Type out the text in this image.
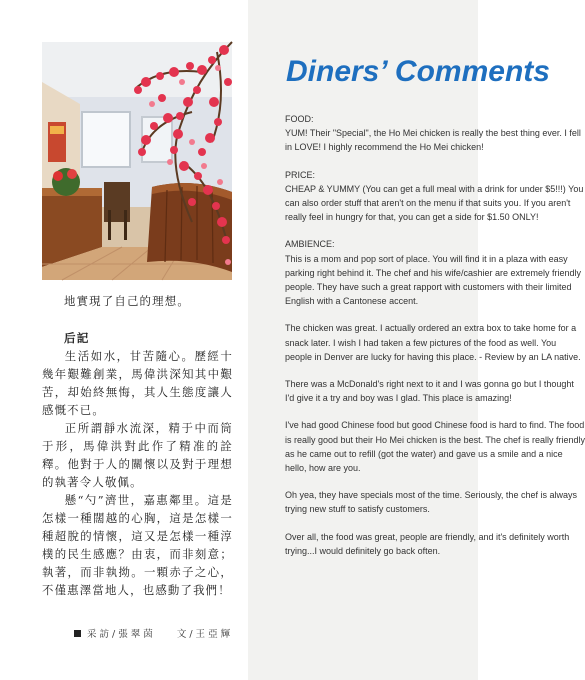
地實現了自己的理想。

后記

生活如水，甘苦隨心。歷經十幾年艱難創業，馬偉洪深知其中艱苦，却始終無悔，其人生態度讓人感慨不已。

正所謂靜水流深，精于中而筒于形，馬偉洪對此作了精准的詮釋。他對于人的關懷以及對于理想的執著令人敬佩。

懸“勺”濟世，嘉惠鄰里。這是怎樣一種闊越的心胸，這是怎樣一種超脫的情懷，這又是怎樣一種淳樸的民生感應？由衷，而非刻意；執著，而非執拗。一顆赤子之心，不僅惠澤當地人，也感動了我們！

采 訪 / 張 翠 茵	文 / 王 亞 輝
Diners’ Comments

FOOD:

YUM! Their "Special", the Ho Mei chicken is really the best thing ever. I fell in LOVE! I highly recommend the Ho Mei chicken!

PRICE:

CHEAP & YUMMY (You can get a full meal with a drink for under $5!!!) You can also order stuff that aren't on the menu if that suits you. If you aren't really feel in hungry for that, you can get a side for $1.50 ONLY!

AMBIENCE:

This is a mom and pop sort of place. You will find it in a plaza with easy parking right behind it. The chef and his wife/cashier are extremely friendly people. They have such a great rapport with customers with their limited English with a Cantonese accent.

The chicken was great. I actually ordered an extra box to take home for a snack later. I wish I had taken a few pictures of the food as well. You people in Denver are lucky for having this place. - Review by an LA native.

There was a McDonald's right next to it and I was gonna go but I thought I'd give it a try and boy was I glad. This place is amazing!

I've had good Chinese food but good Chinese food is hard to find. The food is really good but their Ho Mei chicken is the best. The chef is really friendly as he came out to refill (got the water) and gave us a smile and a nice hello, how are you.

Oh yea, they have specials most of the time. Seriously, the chef is always trying new stuff to satisfy customers.

Over all, the food was great, people are friendly, and it's definitely worth trying...I would definitely go back often.
